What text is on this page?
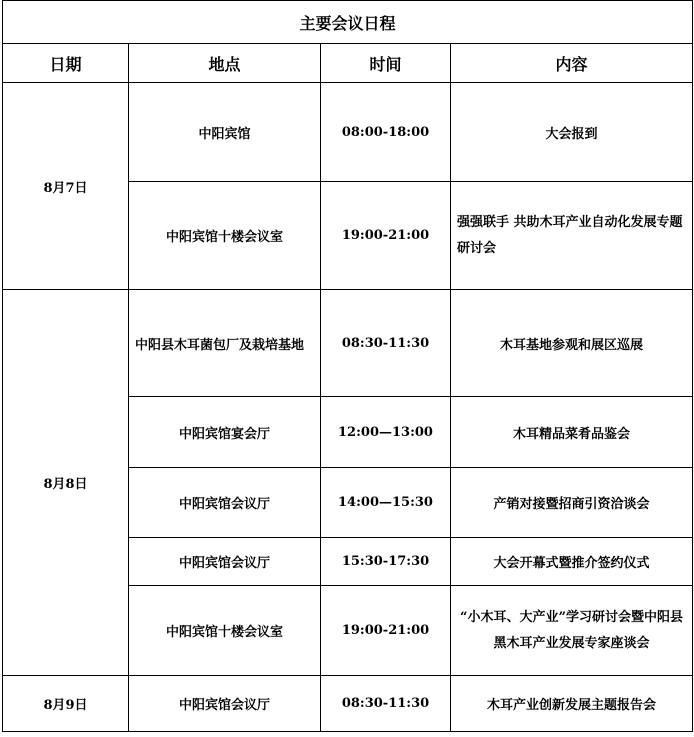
主要会议日程			
日期	地点	时间	内容
8月7日	中阳宾馆	08:00-18:00	大会报到
	中阳宾馆十楼会议室	19:00-21:00	强强联手 共助木耳产业自动化发展专题研讨会
8月8日	中阳县木耳菌包厂及栽培基地	08:30-11:30	木耳基地参观和展区巡展
	中阳宾馆宴会厅	12:00—13:00	木耳精品菜肴品鉴会
	中阳宾馆会议厅	14:00—15:30	产销对接暨招商引资洽谈会
	中阳宾馆会议厅	15:30-17:30	大会开幕式暨推介签约仪式
	中阳宾馆十楼会议室	19:00-21:00	“小木耳、大产业”学习研讨会暨中阳县黑木耳产业发展专家座谈会
8月9日	中阳宾馆会议厅	08:30-11:30	木耳产业创新发展主题报告会
